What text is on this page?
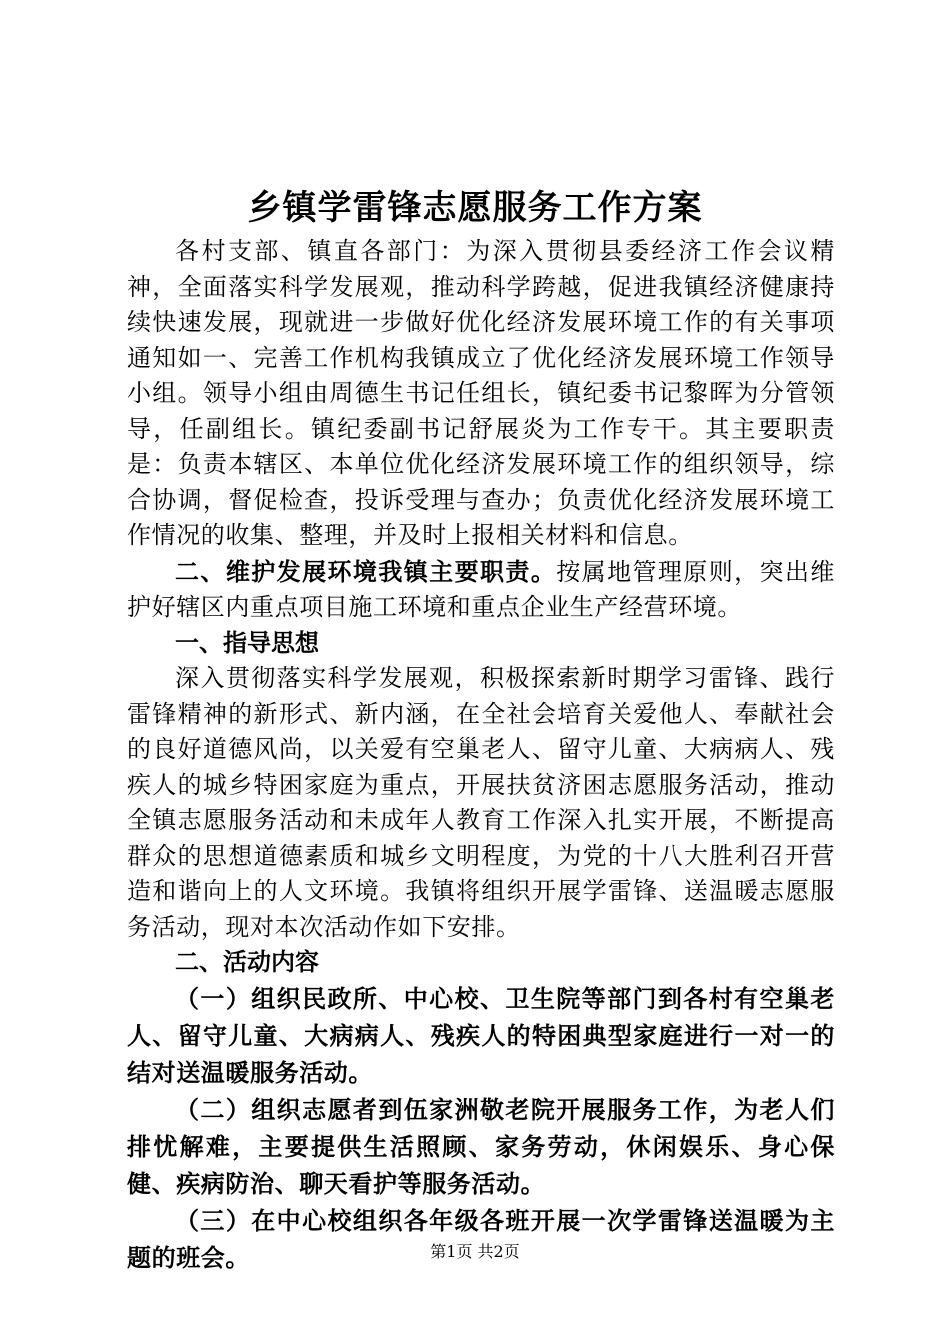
乡镇学雷锋志愿服务工作方案

各村支部、镇直各部门：为深入贯彻县委经济工作会议精神，全面落实科学发展观，推动科学跨越，促进我镇经济健康持续快速发展，现就进一步做好优化经济发展环境工作的有关事项通知如一、完善工作机构我镇成立了优化经济发展环境工作领导小组。领导小组由周德生书记任组长，镇纪委书记黎晖为分管领导，任副组长。镇纪委副书记舒展炎为工作专干。其主要职责是：负责本辖区、本单位优化经济发展环境工作的组织领导，综合协调，督促检查，投诉受理与查办；负责优化经济发展环境工作情况的收集、整理，并及时上报相关材料和信息。

二、维护发展环境我镇主要职责。按属地管理原则，突出维护好辖区内重点项目施工环境和重点企业生产经营环境。

一、指导思想

深入贯彻落实科学发展观，积极探索新时期学习雷锋、践行雷锋精神的新形式、新内涵，在全社会培育关爱他人、奉献社会的良好道德风尚，以关爱有空巢老人、留守儿童、大病病人、残疾人的城乡特困家庭为重点，开展扶贫济困志愿服务活动，推动全镇志愿服务活动和未成年人教育工作深入扎实开展，不断提高群众的思想道德素质和城乡文明程度，为党的十八大胜利召开营造和谐向上的人文环境。我镇将组织开展学雷锋、送温暖志愿服务活动，现对本次活动作如下安排。

二、活动内容

（一）组织民政所、中心校、卫生院等部门到各村有空巢老人、留守儿童、大病病人、残疾人的特困典型家庭进行一对一的结对送温暖服务活动。

（二）组织志愿者到伍家洲敬老院开展服务工作，为老人们排忧解难，主要提供生活照顾、家务劳动，休闲娱乐、身心保健、疾病防治、聊天看护等服务活动。

（三）在中心校组织各年级各班开展一次学雷锋送温暖为主题的班会。	第1页 共2页
